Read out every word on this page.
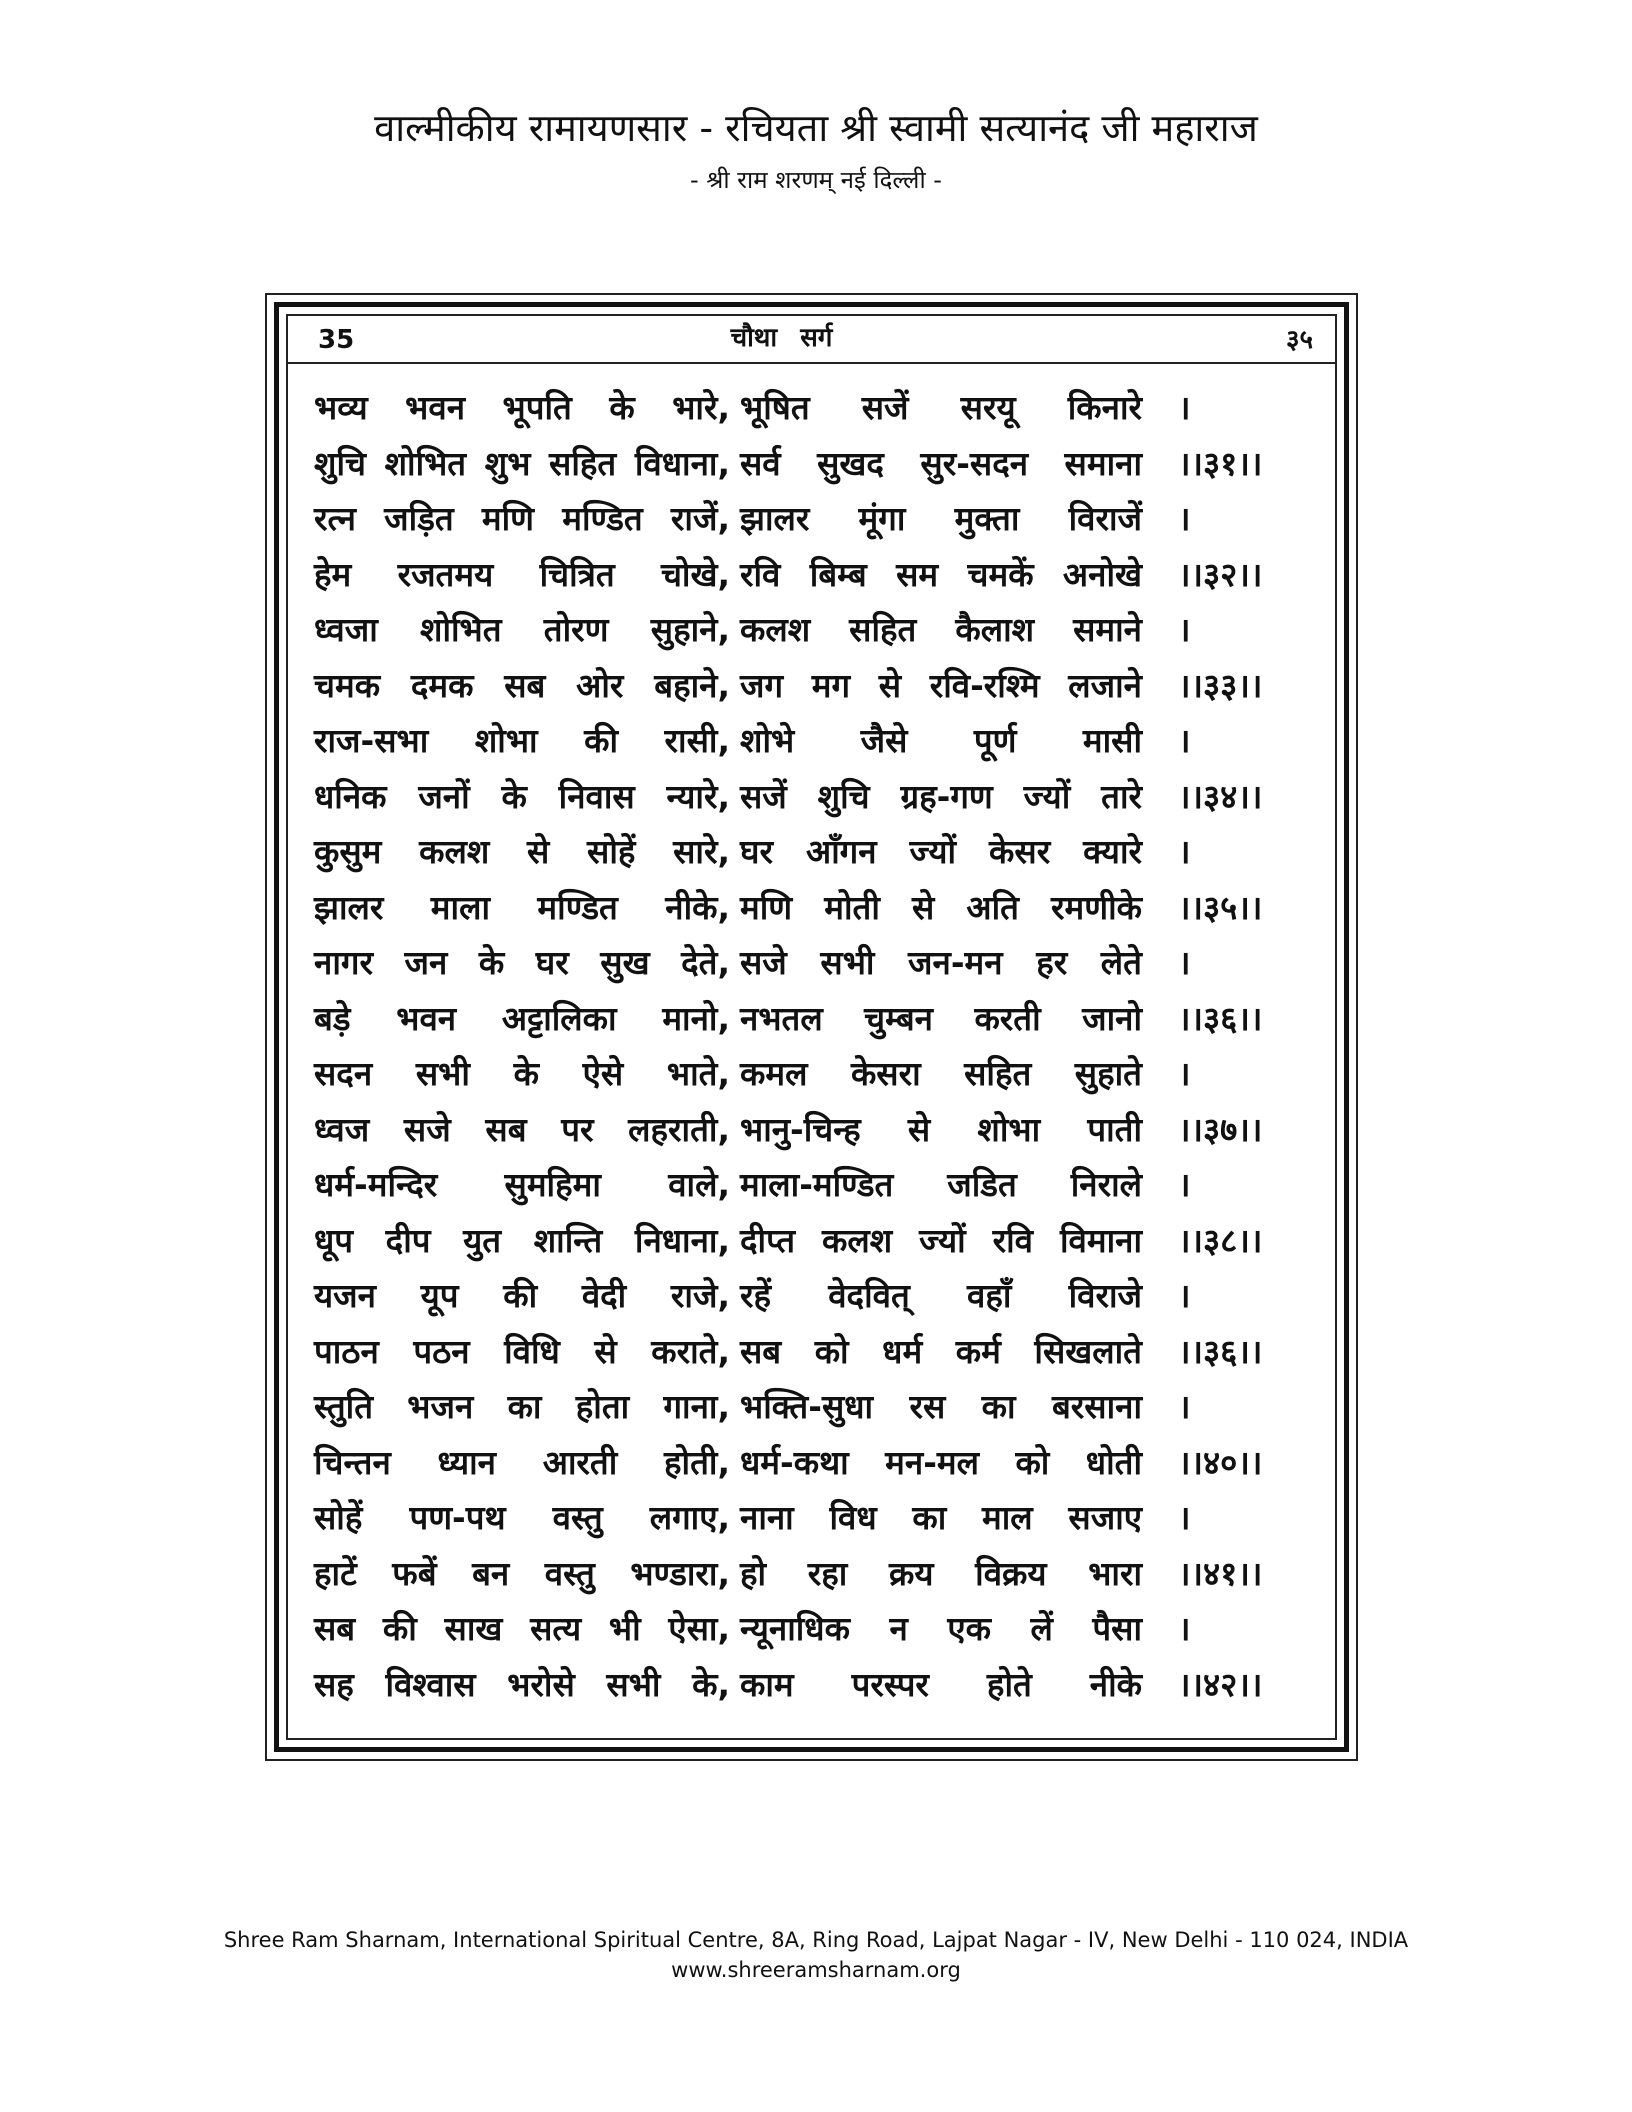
वाल्मीकीय रामायणसार - रचियता श्री स्वामी सत्यानंद जी महाराज
- श्री राम शरणम् नई दिल्ली -
35	चौथा सर्ग	३५
भव्य भवन भूपति के भारे, भूषित सजें सरयू किनारे ।
शुचि शोभित शुभ सहित विधाना, सर्व सुखद सुर-सदन समाना ।।३१।।
रत्न जड़ित मणि मण्डित राजें, झालर मूंगा मुक्ता विराजें ।
हेम रजतमय चित्रित चोखे, रवि बिम्ब सम चमकें अनोखे ।।३२।।
ध्वजा शोभित तोरण सुहाने, कलश सहित कैलाश समाने ।
चमक दमक सब ओर बहाने, जग मग से रवि-रश्मि लजाने ।।३३।।
राज-सभा शोभा की रासी, शोभे जैसे पूर्ण मासी ।
धनिक जनों के निवास न्यारे, सजें शुचि ग्रह-गण ज्यों तारे ।।३४।।
कुसुम कलश से सोहें सारे, घर आँगन ज्यों केसर क्यारे ।
झालर माला मण्डित नीके, मणि मोती से अति रमणीके ।।३५।।
नागर जन के घर सुख देते, सजे सभी जन-मन हर लेते ।
बड़े भवन अट्टालिका मानो, नभतल चुम्बन करती जानो ।।३६।।
सदन सभी के ऐसे भाते, कमल केसरा सहित सुहाते ।
ध्वज सजे सब पर लहराती, भानु-चिन्ह से शोभा पाती ।।३७।।
धर्म-मन्दिर सुमहिमा वाले, माला-मण्डित जडित निराले ।
धूप दीप युत शान्ति निधाना, दीप्त कलश ज्यों रवि विमाना ।।३८।।
यजन यूप की वेदी राजे, रहें वेदवित् वहाँ विराजे ।
पाठन पठन विधि से कराते, सब को धर्म कर्म सिखलाते ।।३६।।
स्तुति भजन का होता गाना, भक्ति-सुधा रस का बरसाना ।
चिन्तन ध्यान आरती होती, धर्म-कथा मन-मल को धोती ।।४०।।
सोहें पण-पथ वस्तु लगाए, नाना विध का माल सजाए ।
हाटें फबें बन वस्तु भण्डारा, हो रहा क्रय विक्रय भारा ।।४१।।
सब की साख सत्य भी ऐसा, न्यूनाधिक न एक लें पैसा ।
सह विश्वास भरोसे सभी के, काम परस्पर होते नीके ।।४२।।
Shree Ram Sharnam, International Spiritual Centre, 8A, Ring Road, Lajpat Nagar - IV, New Delhi - 110 024, INDIA
www.shreeramsharnam.org
